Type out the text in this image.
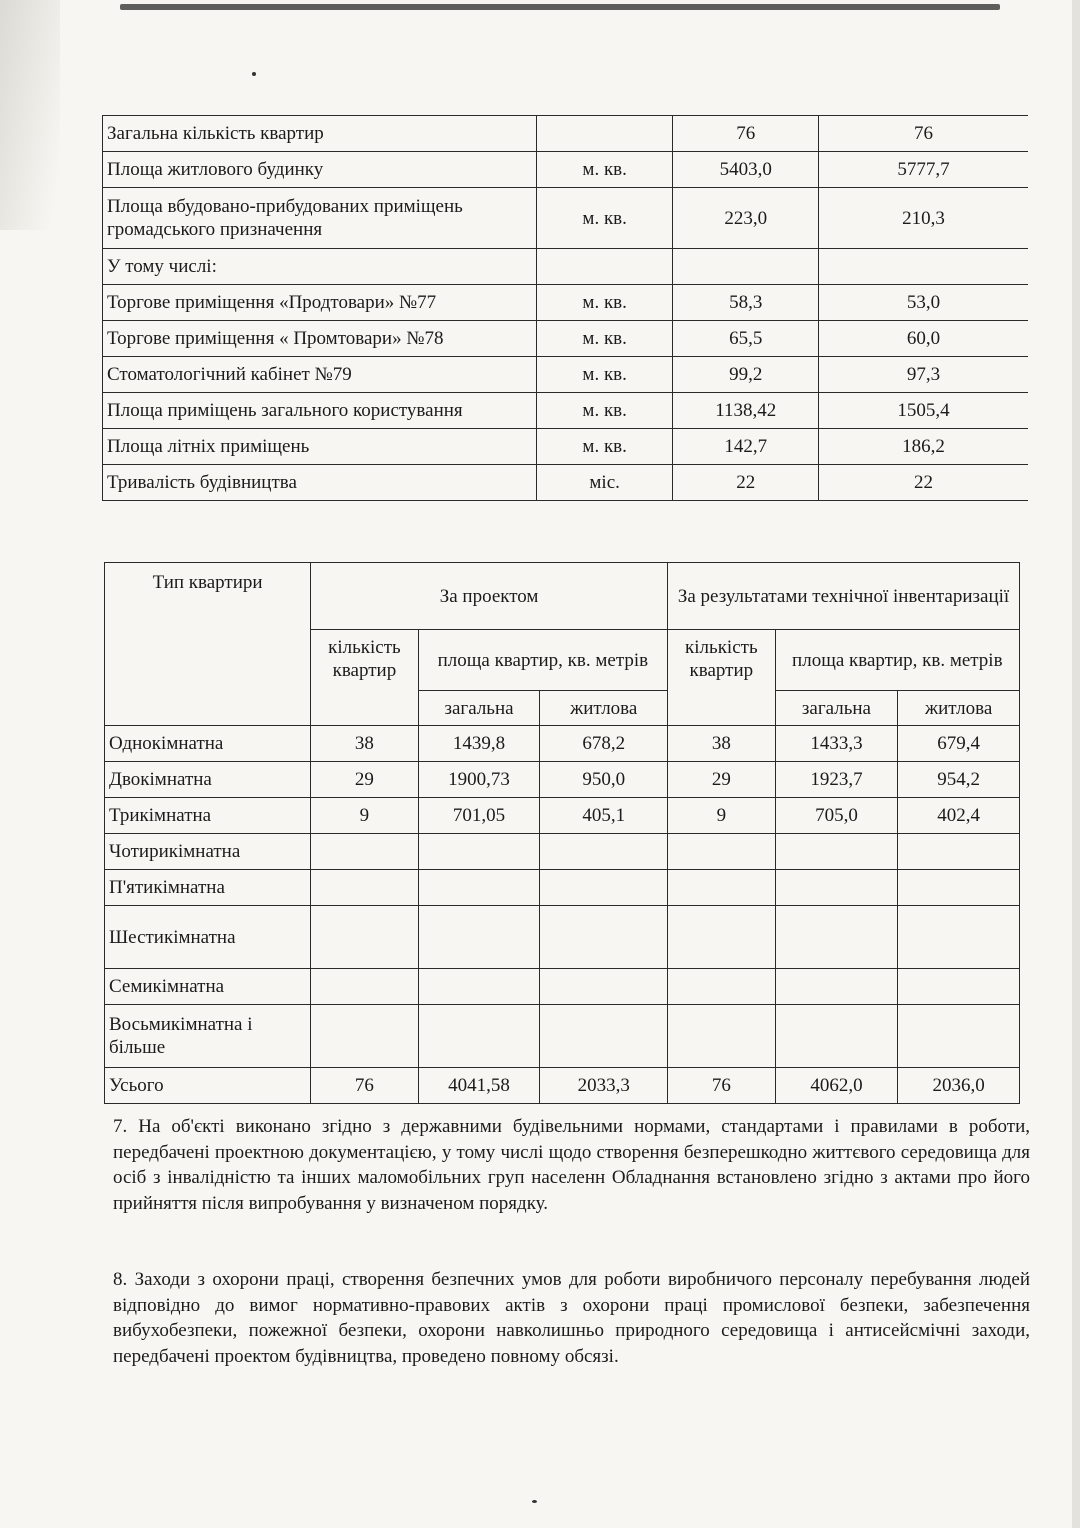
Загальна кількість квартир		76	76
Площа житлового будинку	м. кв.	5403,0	5777,7
Площа вбудовано-прибудованих приміщень громадського призначення	м. кв.	223,0	210,3
У тому числі:			
Торгове приміщення «Продтовари» №77	м. кв.	58,3	53,0
Торгове приміщення « Промтовари» №78	м. кв.	65,5	60,0
Стоматологічний кабінет №79	м. кв.	99,2	97,3
Площа приміщень загального користування	м. кв.	1138,42	1505,4
Площа літніх приміщень	м. кв.	142,7	186,2
Тривалість будівництва	міс.	22	22
Тип квартири	За проектом			За результатами технічної інвентаризації		
	кількість квартир	площа квартир, кв. метрів		кількість квартир	площа квартир, кв. метрів	
		загальна	житлова		загальна	житлова
Однокімнатна	38	1439,8	678,2	38	1433,3	679,4
Двокімнатна	29	1900,73	950,0	29	1923,7	954,2
Трикімнатна	9	701,05	405,1	9	705,0	402,4
Чотирикімнатна						
П'ятикімнатна						
Шестикімнатна						
Семикімнатна						
Восьмикімнатна і більше						
Усього	76	4041,58	2033,3	76	4062,0	2036,0

7. На об'єкті виконано згідно з державними будівельними нормами, стандартами і правилами в роботи, передбачені проектною документацією, у тому числі щодо створення безперешкодно життєвого середовища для осіб з інвалідністю та інших маломобільних груп населенн Обладнання встановлено згідно з актами про його прийняття після випробування у визначеном порядку.

8. Заходи з охорони праці, створення безпечних умов для роботи виробничого персоналу перебування людей відповідно до вимог нормативно-правових актів з охорони праці промислової безпеки, забезпечення вибухобезпеки, пожежної безпеки, охорони навколишньо природного середовища і антисейсмічні заходи, передбачені проектом будівництва, проведено повному обсязі.
